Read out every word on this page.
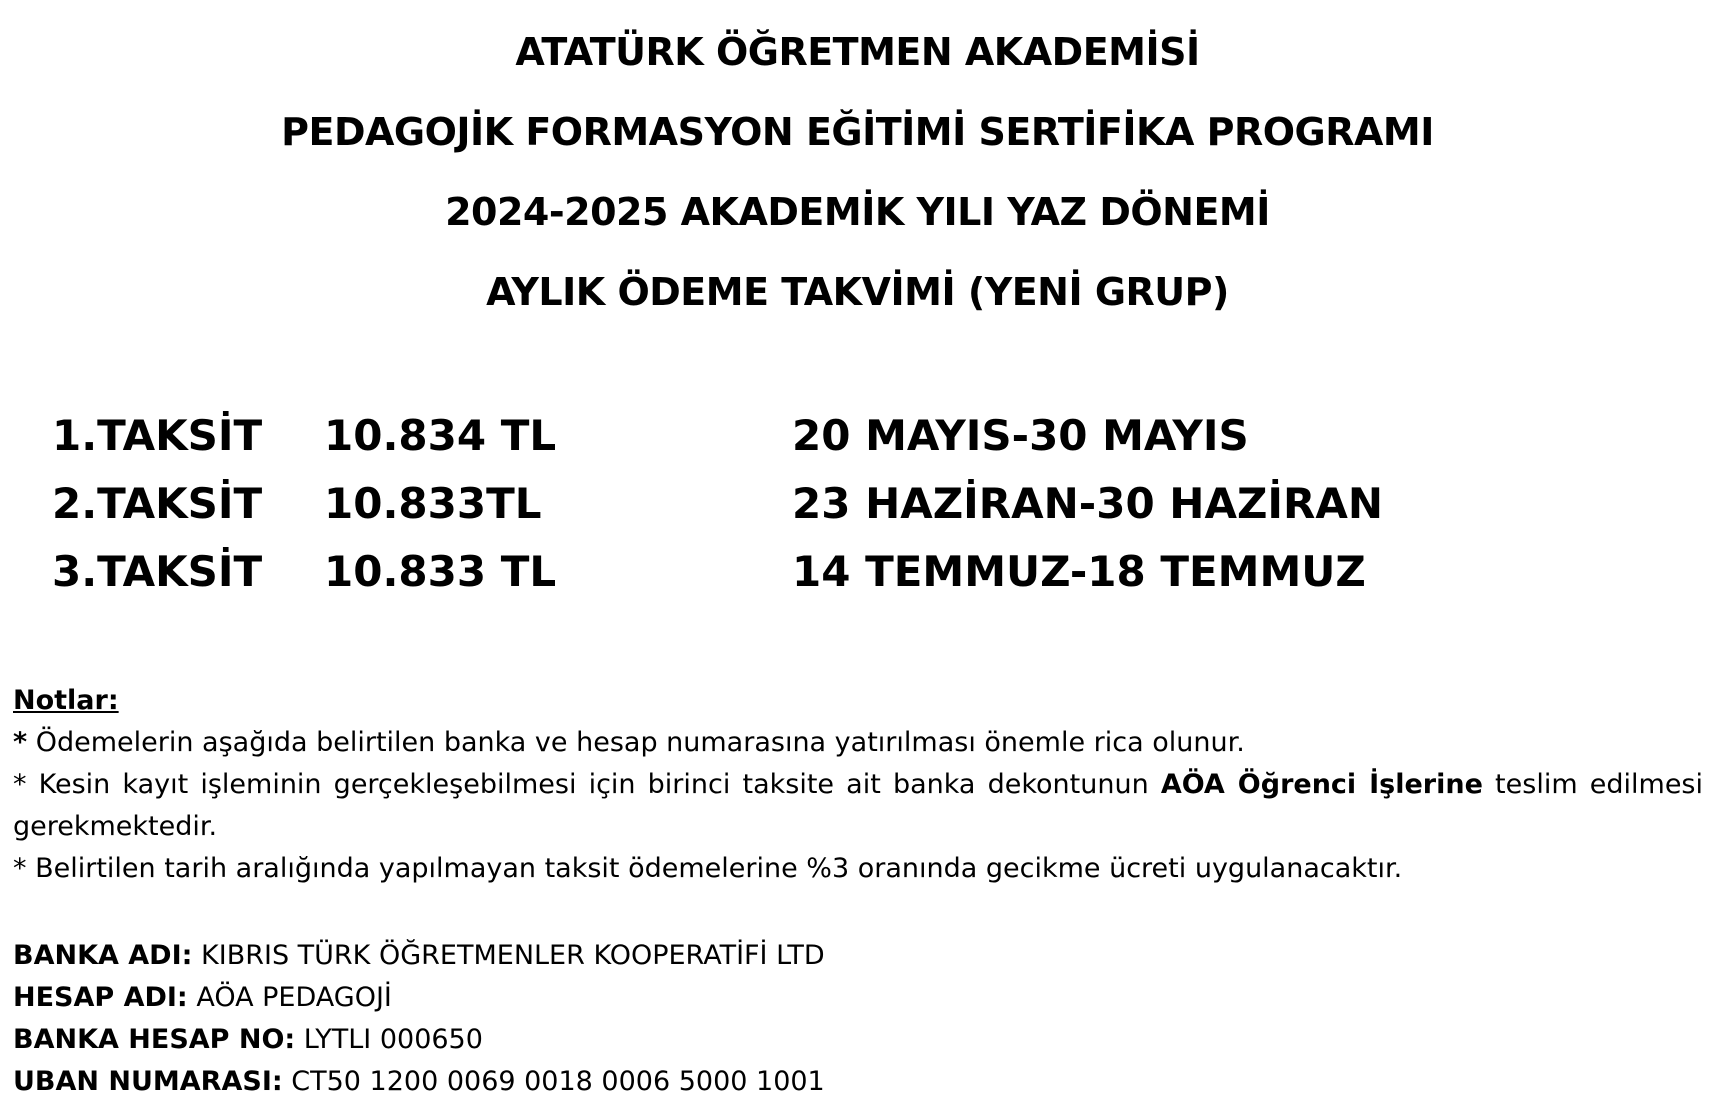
ATATÜRK ÖĞRETMEN AKADEMİSİ
PEDAGOJİK FORMASYON EĞİTİMİ SERTİFİKA PROGRAMI
2024-2025 AKADEMİK YILI YAZ DÖNEMİ
AYLIK ÖDEME TAKVİMİ (YENİ GRUP)
1.TAKSİT 10.834 TL	20 MAYIS-30 MAYIS
2.TAKSİT 10.833TL	23 HAZİRAN-30 HAZİRAN
3.TAKSİT 10.833 TL	14 TEMMUZ-18 TEMMUZ
Notlar:
* Ödemelerin aşağıda belirtilen banka ve hesap numarasına yatırılması önemle rica olunur.
* Kesin kayıt işleminin gerçekleşebilmesi için birinci taksite ait banka dekontunun AÖA Öğrenci İşlerine teslim edilmesi
gerekmektedir.
* Belirtilen tarih aralığında yapılmayan taksit ödemelerine %3 oranında gecikme ücreti uygulanacaktır.
BANKA ADI: KIBRIS TÜRK ÖĞRETMENLER KOOPERATİFİ LTD
HESAP ADI: AÖA PEDAGOJİ
BANKA HESAP NO: LYTLI 000650
UBAN NUMARASI: CT50 1200 0069 0018 0006 5000 1001
